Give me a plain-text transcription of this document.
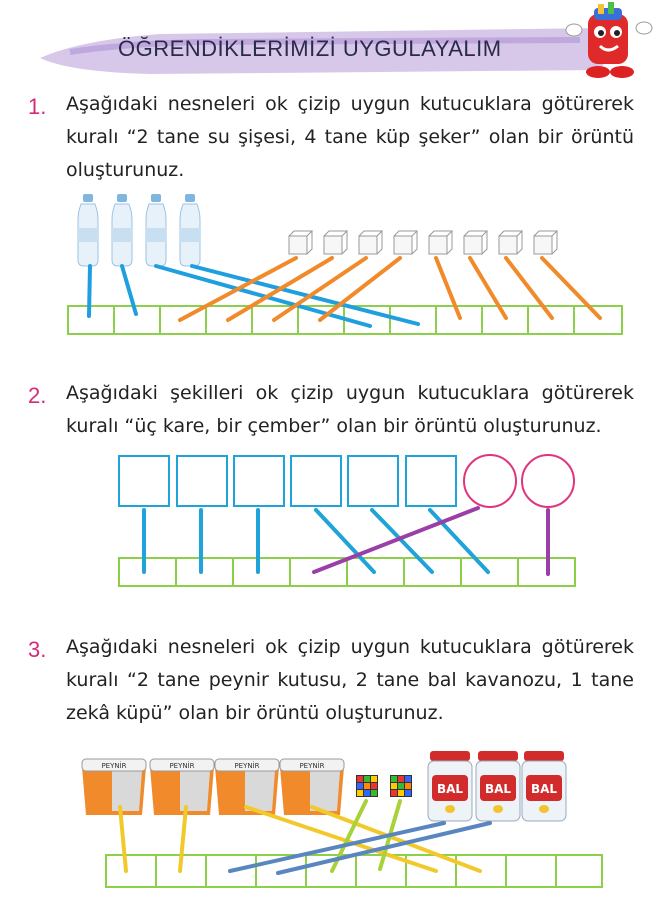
ÖĞRENDİKLERİMİZİ UYGULAYALIM
1. Aşağıdaki nesneleri ok çizip uygun kutucuklara götürerek kuralı “2 tane su şişesi, 4 tane küp şeker” olan bir örüntü oluşturunuz.
2. Aşağıdaki şekilleri ok çizip uygun kutucuklara götürerek kuralı “üç kare, bir çember” olan bir örüntü oluşturunuz.
3. Aşağıdaki nesneleri ok çizip uygun kutucuklara götürerek kuralı “2 tane peynir kutusu, 2 tane bal kavanozu, 1 tane zekâ küpü” olan bir örüntü oluşturunuz.
PEYNİR	PEYNİR	PEYNİR	PEYNİR
BAL BAL BAL
